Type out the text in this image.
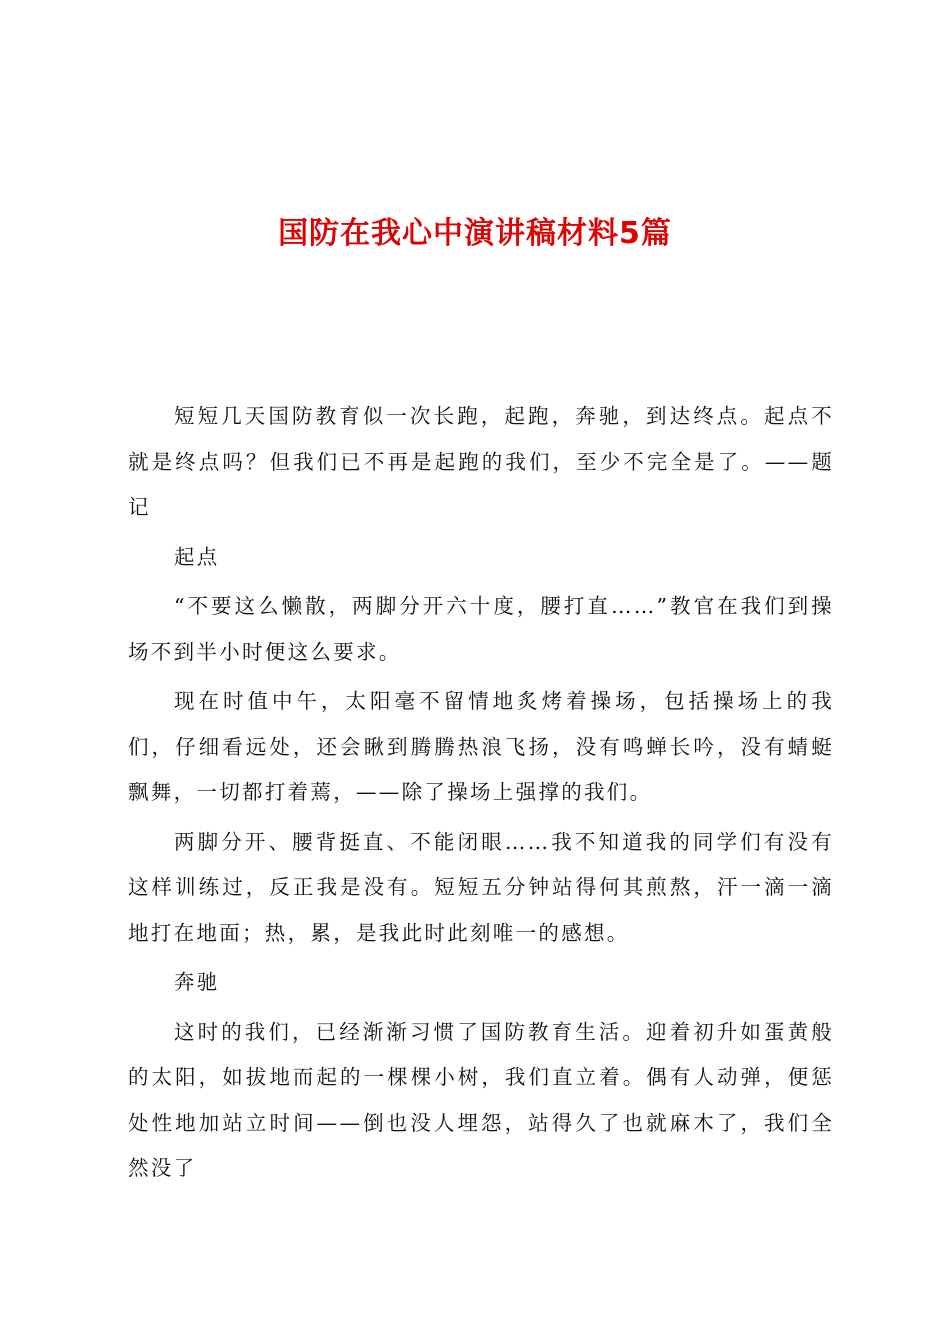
国防在我心中演讲稿材料5篇

短短几天国防教育似一次长跑，起跑，奔驰，到达终点。起点不就是终点吗？但我们已不再是起跑的我们，至少不完全是了。——题记

起点

“不要这么懒散，两脚分开六十度，腰打直……”教官在我们到操场不到半小时便这么要求。

现在时值中午，太阳毫不留情地炙烤着操场，包括操场上的我们，仔细看远处，还会瞅到腾腾热浪飞扬，没有鸣蝉长吟，没有蜻蜓飘舞，一切都打着蔫，——除了操场上强撑的我们。

两脚分开、腰背挺直、不能闭眼……我不知道我的同学们有没有这样训练过，反正我是没有。短短五分钟站得何其煎熬，汗一滴一滴地打在地面；热，累，是我此时此刻唯一的感想。

奔驰

这时的我们，已经渐渐习惯了国防教育生活。迎着初升如蛋黄般的太阳，如拔地而起的一棵棵小树，我们直立着。偶有人动弹，便惩处性地加站立时间——倒也没人埋怨，站得久了也就麻木了，我们全然没了
